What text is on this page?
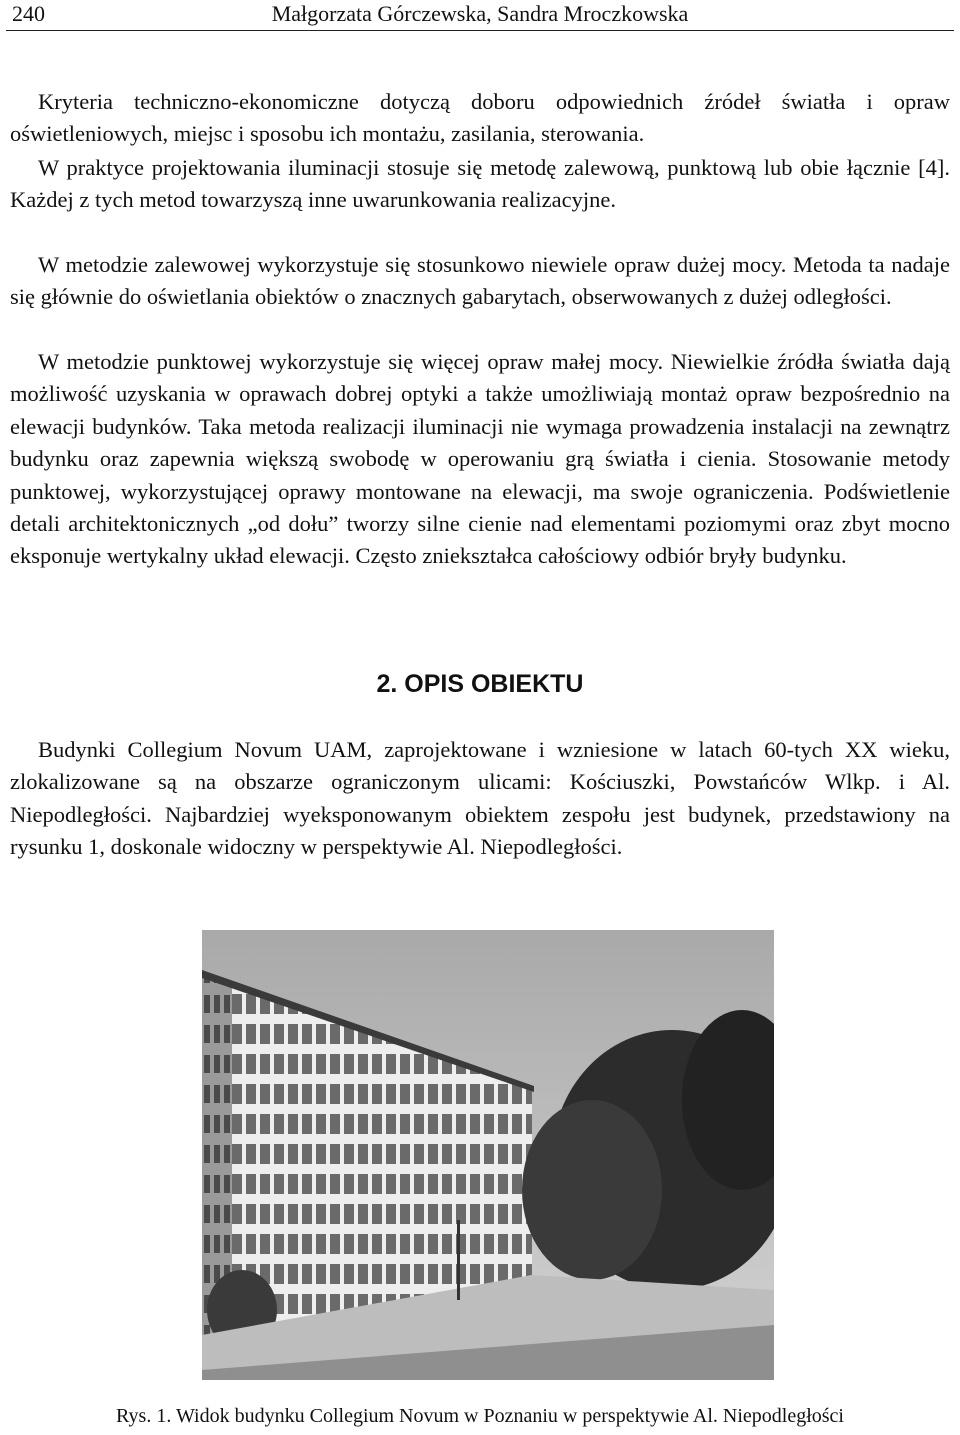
240	Małgorzata Górczewska, Sandra Mroczkowska

Kryteria techniczno-ekonomiczne dotyczą doboru odpowiednich źródeł światła i opraw oświetleniowych, miejsc i sposobu ich montażu, zasilania, sterowania.

W praktyce projektowania iluminacji stosuje się metodę zalewową, punktową lub obie łącznie [4]. Każdej z tych metod towarzyszą inne uwarunkowania realizacyjne.

W metodzie zalewowej wykorzystuje się stosunkowo niewiele opraw dużej mocy. Metoda ta nadaje się głównie do oświetlania obiektów o znacznych gabarytach, obserwowanych z dużej odległości.

W metodzie punktowej wykorzystuje się więcej opraw małej mocy. Niewielkie źródła światła dają możliwość uzyskania w oprawach dobrej optyki a także umożliwiają montaż opraw bezpośrednio na elewacji budynków. Taka metoda realizacji iluminacji nie wymaga prowadzenia instalacji na zewnątrz budynku oraz zapewnia większą swobodę w operowaniu grą światła i cienia. Stosowanie metody punktowej, wykorzystującej oprawy montowane na elewacji, ma swoje ograniczenia. Podświetlenie detali architektonicznych „od dołu” tworzy silne cienie nad elementami poziomymi oraz zbyt mocno eksponuje wertykalny układ elewacji. Często zniekształca całościowy odbiór bryły budynku.

2. OPIS OBIEKTU

Budynki Collegium Novum UAM, zaprojektowane i wzniesione w latach 60-tych XX wieku, zlokalizowane są na obszarze ograniczonym ulicami: Kościuszki, Powstańców Wlkp. i Al. Niepodległości. Najbardziej wyeksponowanym obiektem zespołu jest budynek, przedstawiony na rysunku 1, doskonale widoczny w perspektywie Al. Niepodległości.

Rys. 1. Widok budynku Collegium Novum w Poznaniu w perspektywie Al. Niepodległości
